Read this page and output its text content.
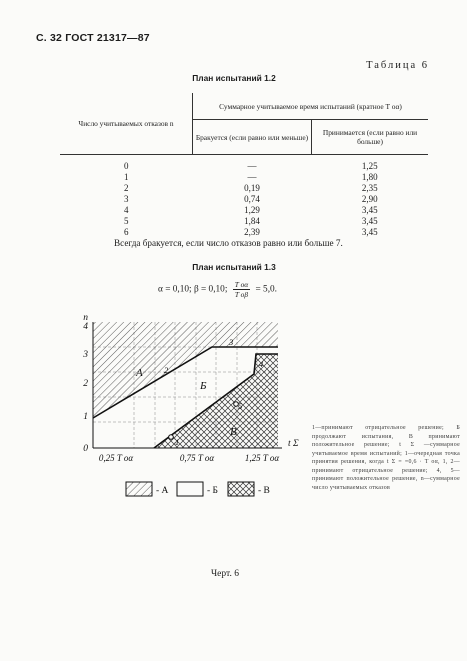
С. 32 ГОСТ 21317—87
Таблица 6
План испытаний 1.2
Число учитываемых отказов n	Суммарное учитываемое время испытаний (кратное T oα)	
	Бракуется (если равно или меньше)	Принимается (если равно или больше)
0	—	1,25
1	—	1,80
2	0,19	2,35
3	0,74	2,90
4	1,29	3,45
5	1,84	3,45
6	2,39	3,45
Всегда бракуется, если число отказов равно или больше 7.
План испытаний 1.3
α = 0,10; β = 0,10; $\frac{\text{T oα}}{\text{T oβ}} = 5,0$.
n
4
3
2
1
0
0,25 T oα	0,75 T oα	1,25 T oα
t Σ
A
Б
В
1
2
3
4
5
- А	- Б	- В
1—принимают отрицательное решение; Б продолжают испытания, В принимают положительное решение; t Σ —суммарное учитываемое время испытаний; 1—очередная точка принятия решения, когда t Σ = =0,6 · T oα, 1, 2—принимают отрицательное решение; 4, 5—принимают положительное решение, n—суммарное число учитываемых отказов
Черт. 6
